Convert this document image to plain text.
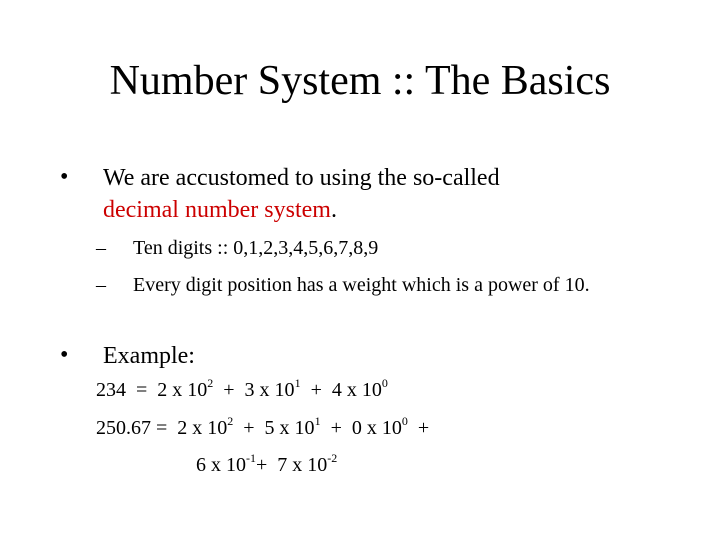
Number System :: The Basics
• We are accustomed to using the so-called
decimal number system.
– Ten digits :: 0,1,2,3,4,5,6,7,8,9
– Every digit position has a weight which is a power of 10.
• Example:
234  =  2 x $10^2 + 3$ x $10^1 + 4$ x $10^0$
250.67 =  2 x $10^2 + 5$ x $10^1 + 0$ x $10^0$  +
6 x $10^{-1}+ 7$ x $10^{-2}$
